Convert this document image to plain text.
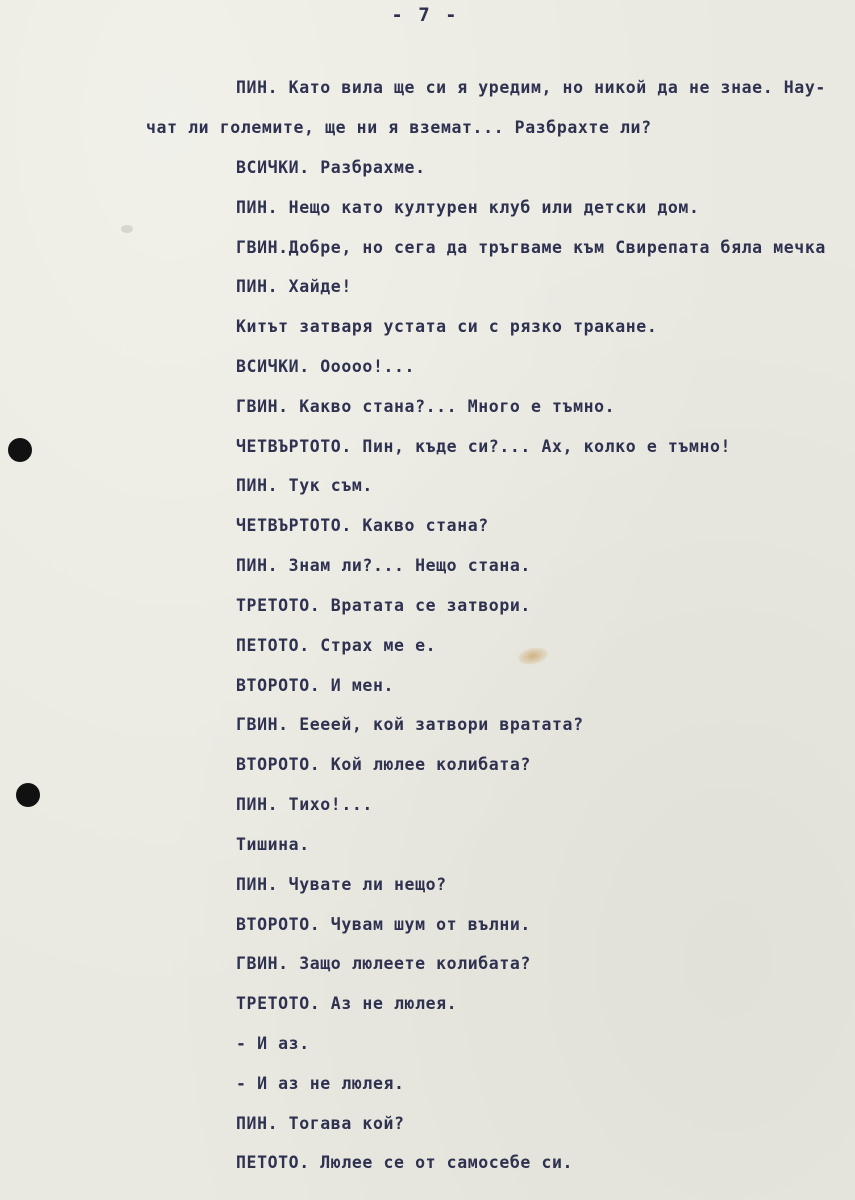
- 7 -
ПИН. Като вила ще си я уредим, но никой да не знае. Нау-
чат ли големите, ще ни я вземат... Разбрахте ли?
ВСИЧКИ. Разбрахме.
ПИН. Нещо като културен клуб или детски дом.
ГВИН.Добре, но сега да тръгваме към Свирепата бяла мечка
ПИН. Хайде!
Китът затваря устата си с рязко тракане.
ВСИЧКИ. Ооооо!...
ГВИН. Какво стана?... Много е тъмно.
ЧЕТВЪРТОТО. Пин, къде си?... Ах, колко е тъмно!
ПИН. Тук съм.
ЧЕТВЪРТОТО. Какво стана?
ПИН. Знам ли?... Нещо стана.
ТРЕТОТО. Вратата се затвори.
ПЕТОТО. Страх ме е.
ВТОРОТО. И мен.
ГВИН. Еееей, кой затвори вратата?
ВТОРОТО. Кой люлее колибата?
ПИН. Тихо!...
Тишина.
ПИН. Чувате ли нещо?
ВТОРОТО. Чувам шум от вълни.
ГВИН. Защо люлеете колибата?
ТРЕТОТО. Аз не люлея.
- И аз.
- И аз не люлея.
ПИН. Тогава кой?
ПЕТОТО. Люлее се от самосебе си.
